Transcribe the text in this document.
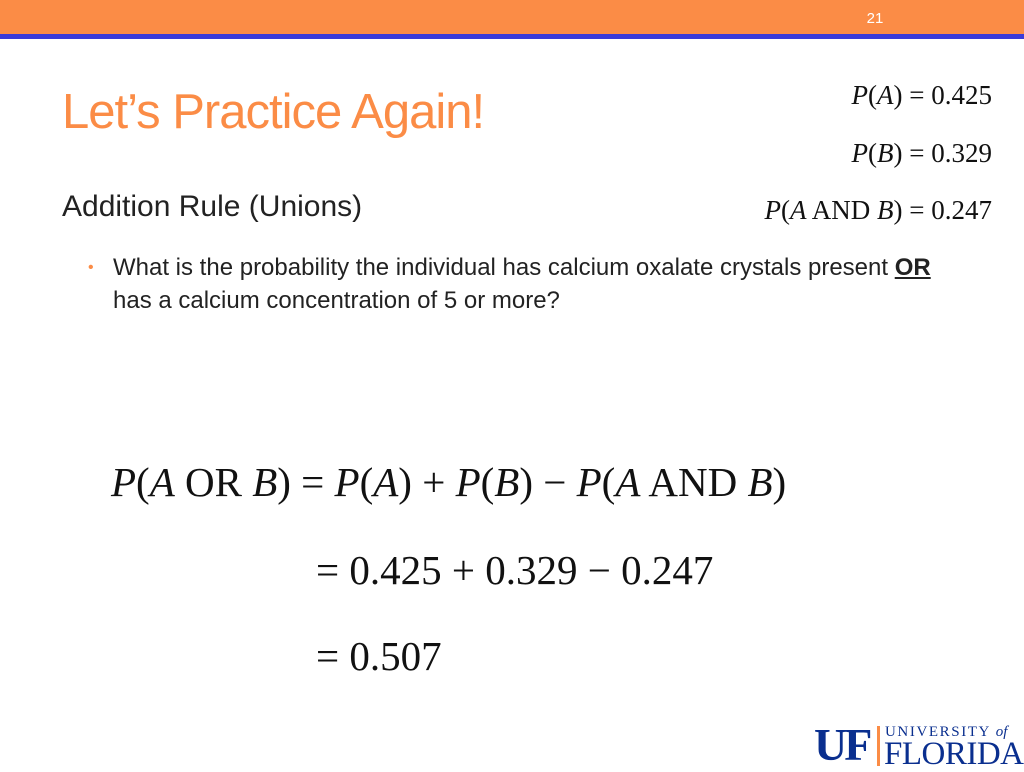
21
Let’s Practice Again!
Addition Rule (Unions)
• What is the probability the individual has calcium oxalate crystals present OR has a calcium concentration of 5 or more?
P(A) = 0.425
P(B) = 0.329
P(A AND B) = 0.247
P(A OR B) = P(A) + P(B) − P(A AND B)
= 0.425 + 0.329 − 0.247
= 0.507
UF UNIVERSITY of
FLORIDA
